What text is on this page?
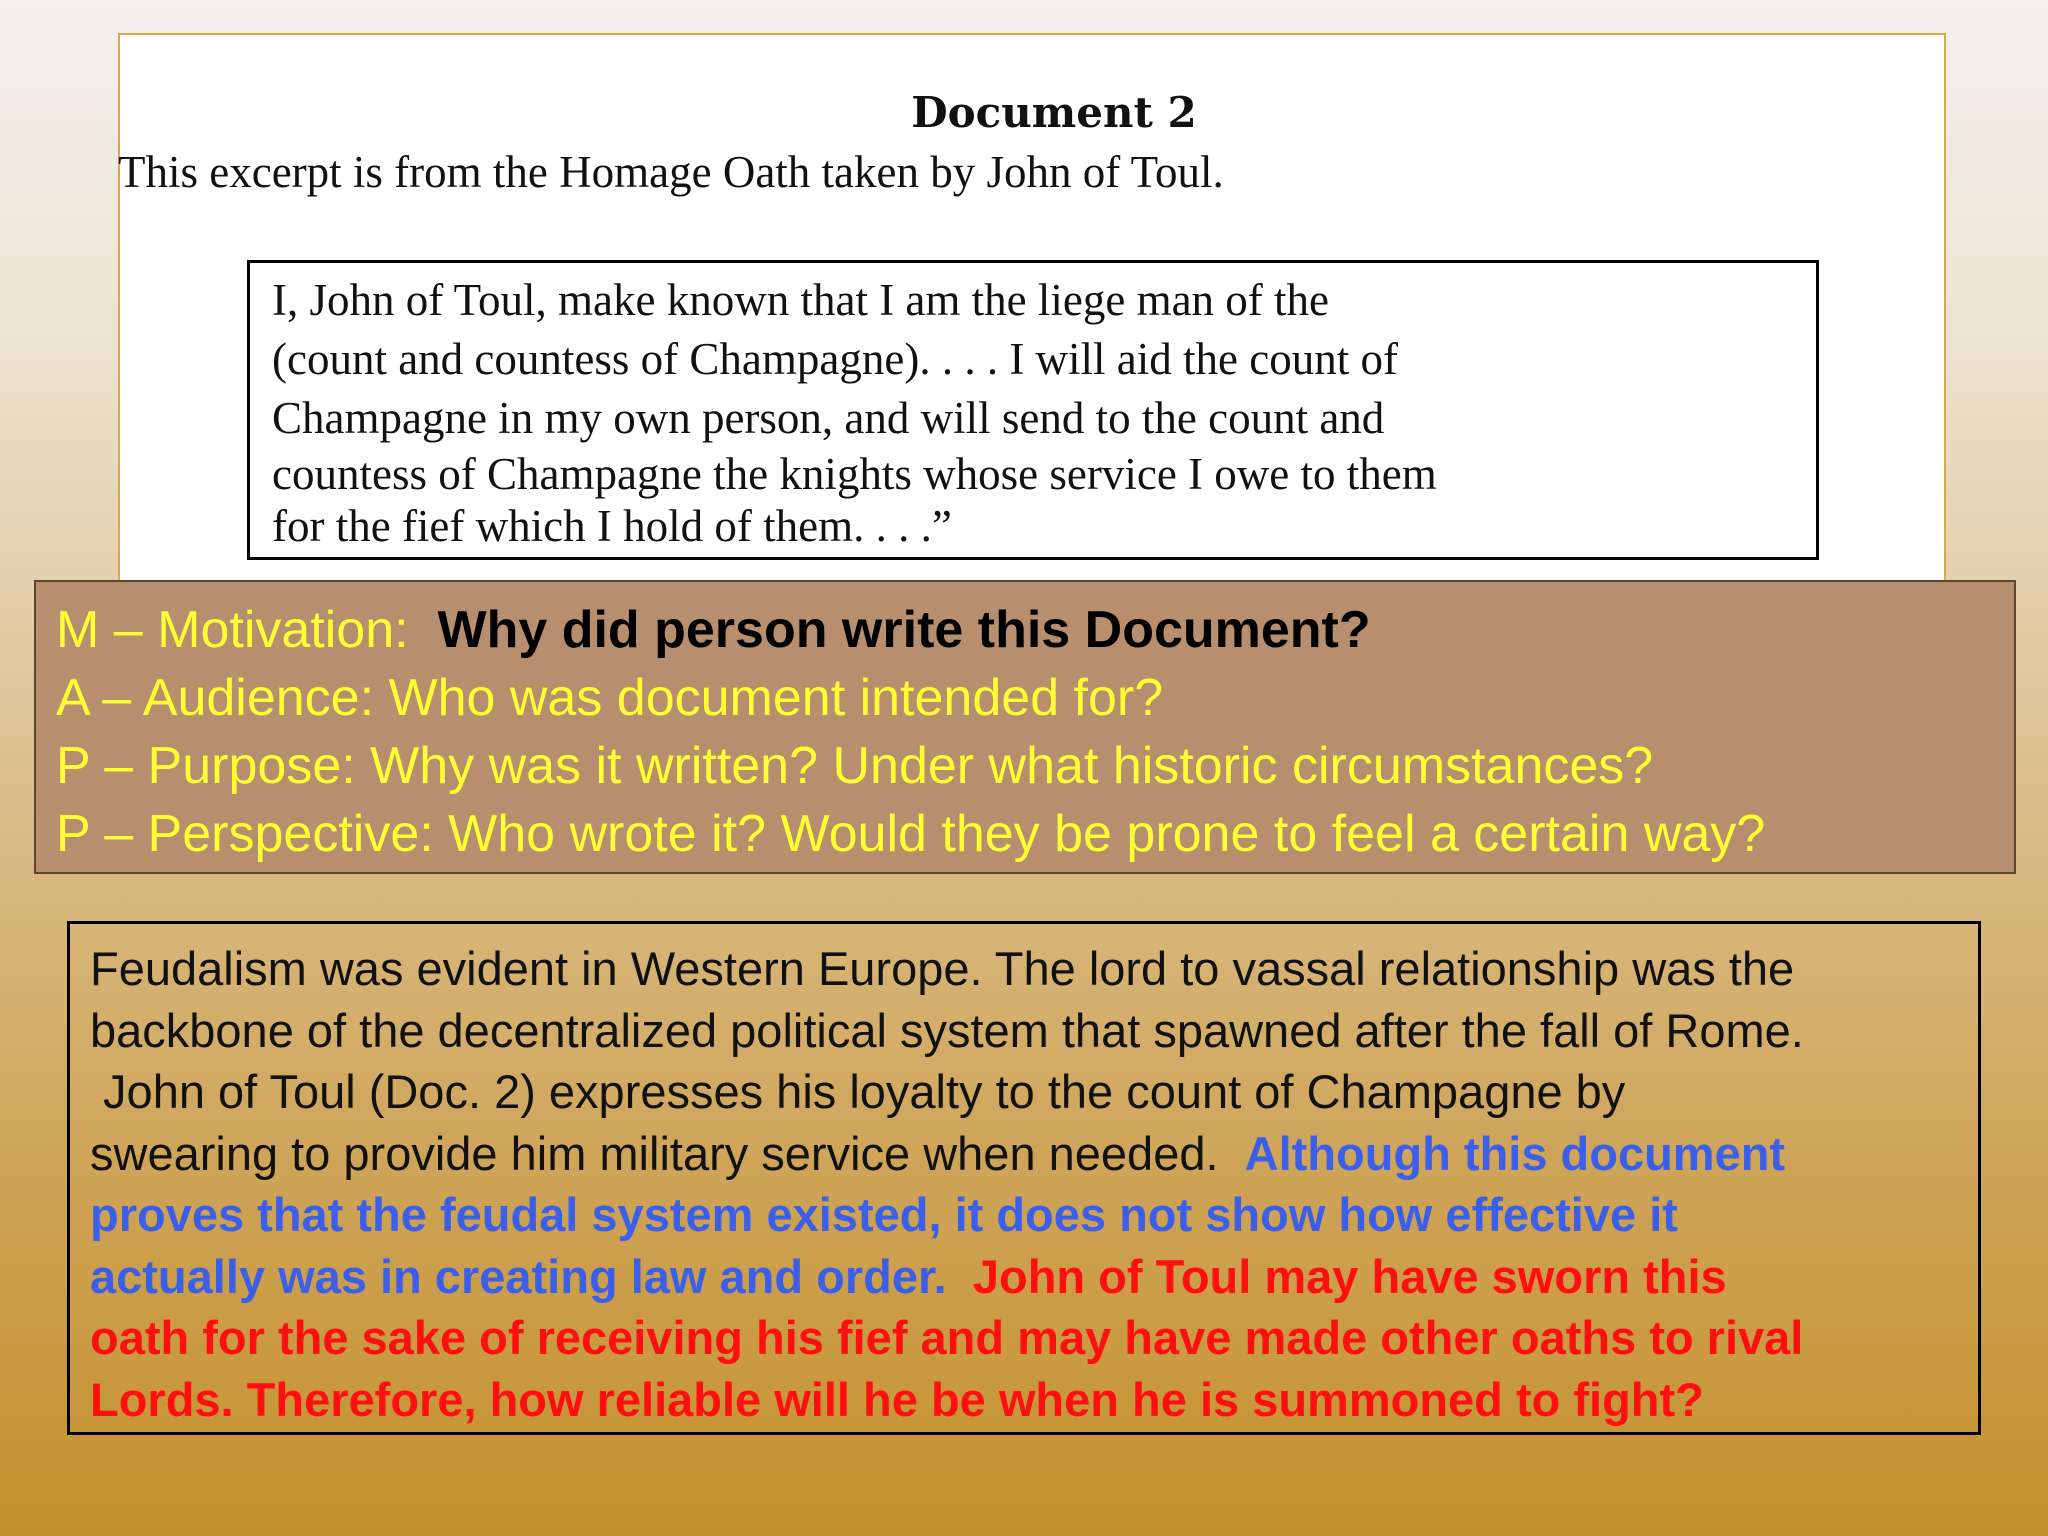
Document 2

This excerpt is from the Homage Oath taken by John of Toul.

I, John of Toul, make known that I am the liege man of the

(count and countess of Champagne). . . . I will aid the count of

Champagne in my own person, and will send to the count and

countess of Champagne the knights whose service I owe to them

for the fief which I hold of them. . . .”

M – Motivation: Why did person write this Document?

A – Audience: Who was document intended for?

P – Purpose: Why was it written? Under what historic circumstances?

P – Perspective: Who wrote it? Would they be prone to feel a certain way?

Feudalism was evident in Western Europe. The lord to vassal relationship was the

backbone of the decentralized political system that spawned after the fall of Rome.

John of Toul (Doc. 2) expresses his loyalty to the count of Champagne by

swearing to provide him military service when needed.  Although this document

proves that the feudal system existed, it does not show how effective it

actually was in creating law and order.  John of Toul may have sworn this

oath for the sake of receiving his fief and may have made other oaths to rival

Lords. Therefore, how reliable will he be when he is summoned to fight?
